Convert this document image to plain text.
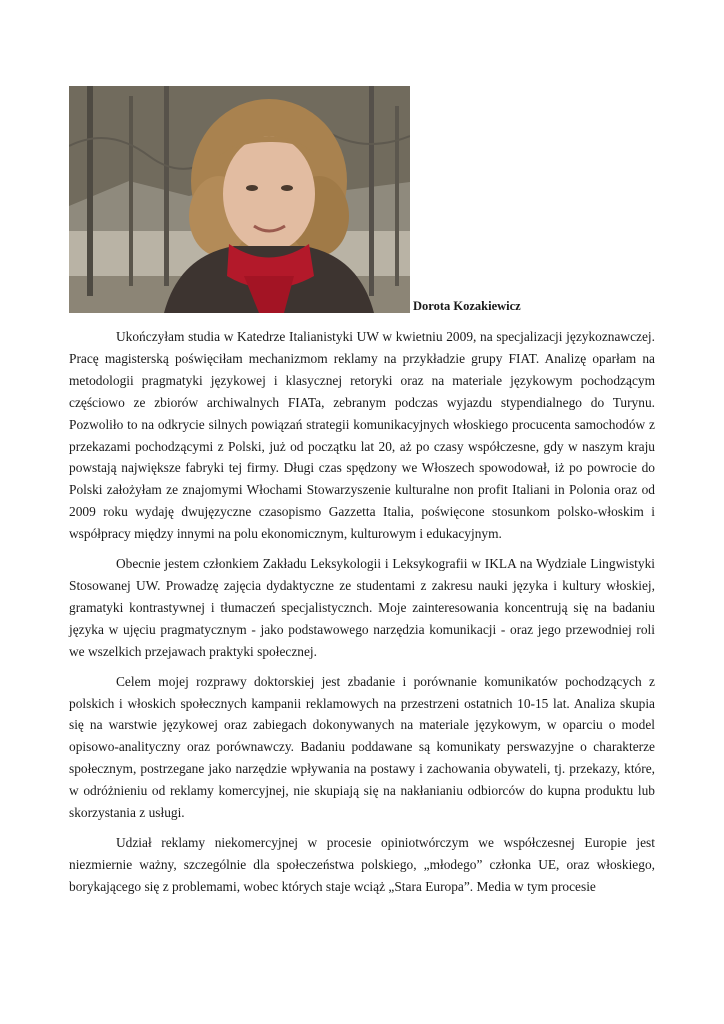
Dorota Kozakiewicz

Ukończyłam studia w Katedrze Italianistyki UW w kwietniu 2009, na specjalizacji językoznawczej. Pracę magisterską poświęciłam mechanizmom reklamy na przykładzie grupy FIAT. Analizę oparłam na metodologii pragmatyki językowej i klasycznej retoryki oraz na materiale językowym pochodzącym częściowo ze zbiorów archiwalnych FIATa, zebranym podczas wyjazdu stypendialnego do Turynu. Pozwoliło to na odkrycie silnych powiązań strategii komunikacyjnych włoskiego procucenta samochodów z przekazami pochodzącymi z Polski, już od początku lat 20, aż po czasy współczesne, gdy w naszym kraju powstają największe fabryki tej firmy. Długi czas spędzony we Włoszech spowodował, iż po powrocie do Polski założyłam ze znajomymi Włochami Stowarzyszenie kulturalne non profit Italiani in Polonia oraz od 2009 roku wydaję dwujęzyczne czasopismo Gazzetta Italia, poświęcone stosunkom polsko-włoskim i współpracy między innymi na polu ekonomicznym, kulturowym i edukacyjnym.

Obecnie jestem członkiem Zakładu Leksykologii i Leksykografii w IKLA na Wydziale Lingwistyki Stosowanej UW. Prowadzę zajęcia dydaktyczne ze studentami z zakresu nauki języka i kultury włoskiej, gramatyki kontrastywnej i tłumaczeń specjalistycznch. Moje zainteresowania koncentrują się na badaniu języka w ujęciu pragmatycznym - jako podstawowego narzędzia komunikacji - oraz jego przewodniej roli we wszelkich przejawach praktyki społecznej.

Celem mojej rozprawy doktorskiej jest zbadanie i porównanie komunikatów pochodzących z polskich i włoskich społecznych kampanii reklamowych na przestrzeni ostatnich 10-15 lat. Analiza skupia się na warstwie językowej oraz zabiegach dokonywanych na materiale językowym, w oparciu o model opisowo-analityczny oraz porównawczy. Badaniu poddawane są komunikaty perswazyjne o charakterze społecznym, postrzegane jako narzędzie wpływania na postawy i zachowania obywateli, tj. przekazy, które, w odróżnieniu od reklamy komercyjnej, nie skupiają się na nakłanianiu odbiorców do kupna produktu lub skorzystania z usługi.

Udział reklamy niekomercyjnej w procesie opiniotwórczym we współczesnej Europie jest niezmiernie ważny, szczególnie dla społeczeństwa polskiego, „młodego” członka UE, oraz włoskiego, borykającego się z problemami, wobec których staje wciąż „Stara Europa”. Media w tym procesie
